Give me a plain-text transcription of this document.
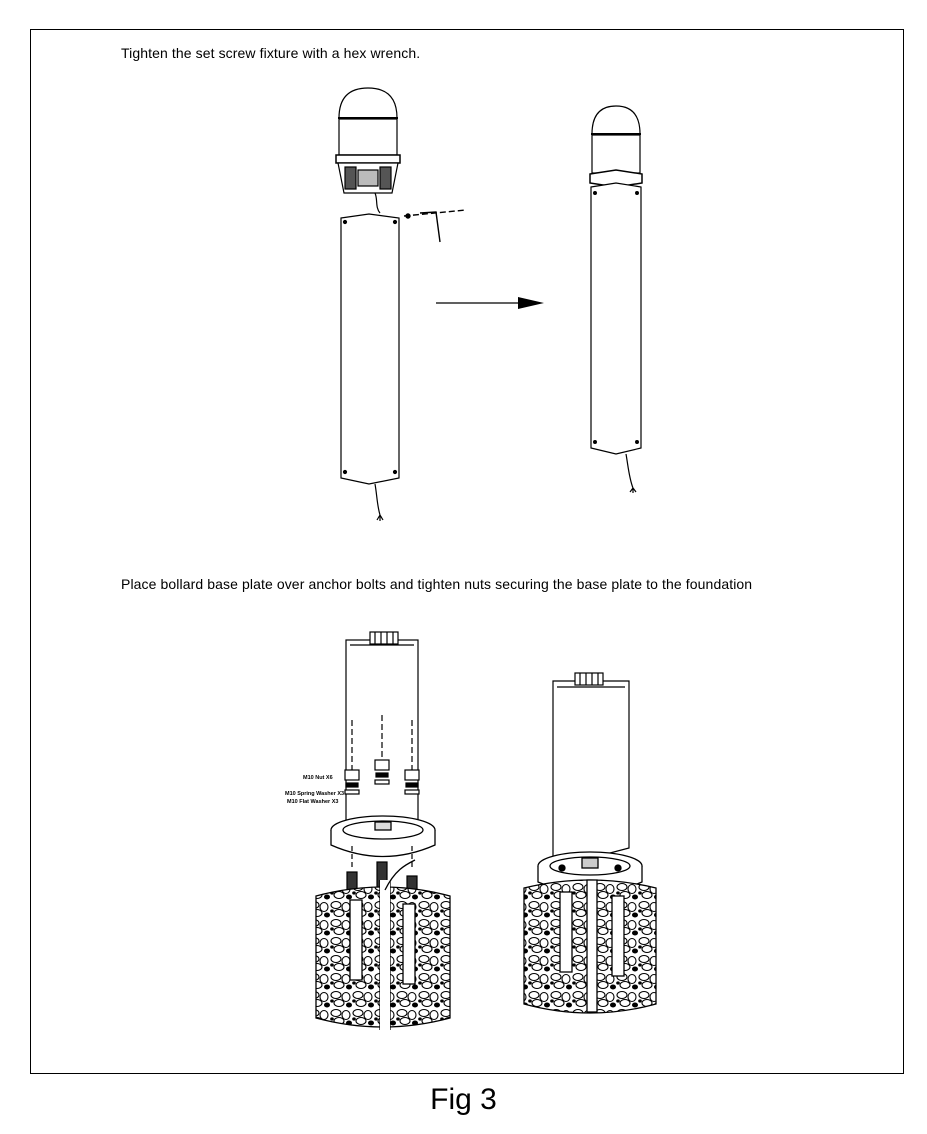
Tighten the set screw fixture with a hex wrench.
Place bollard base plate over anchor bolts and tighten nuts securing the base plate to the foundation
M10 Nut X6
M10 Spring Washer X3
M10 Flat Washer X3
Fig 3
